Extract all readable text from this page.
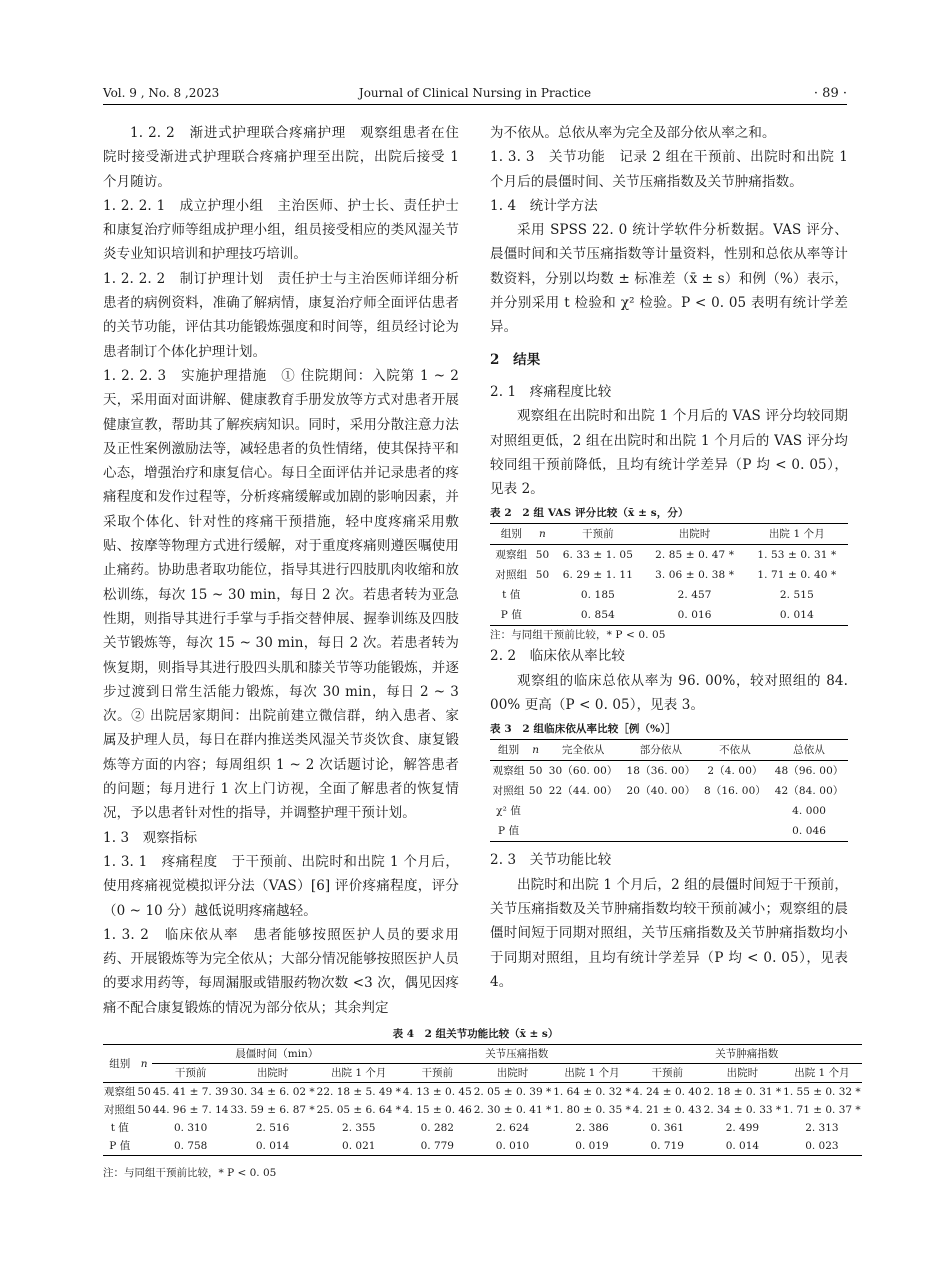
Vol. 9 , No. 8 ,2023	Journal of Clinical Nursing in Practice	· 89 ·

1. 2. 2　渐进式护理联合疼痛护理　观察组患者在住院时接受渐进式护理联合疼痛护理至出院，出院后接受 1 个月随访。

1. 2. 2. 1　成立护理小组　主治医师、护士长、责任护士和康复治疗师等组成护理小组，组员接受相应的类风湿关节炎专业知识培训和护理技巧培训。

1. 2. 2. 2　制订护理计划　责任护士与主治医师详细分析患者的病例资料，准确了解病情，康复治疗师全面评估患者的关节功能，评估其功能锻炼强度和时间等，组员经讨论为患者制订个体化护理计划。

1. 2. 2. 3　实施护理措施　① 住院期间：入院第 1 ~ 2 天，采用面对面讲解、健康教育手册发放等方式对患者开展健康宣教，帮助其了解疾病知识。同时，采用分散注意力法及正性案例激励法等，减轻患者的负性情绪，使其保持平和心态，增强治疗和康复信心。每日全面评估并记录患者的疼痛程度和发作过程等，分析疼痛缓解或加剧的影响因素，并采取个体化、针对性的疼痛干预措施，轻中度疼痛采用敷贴、按摩等物理方式进行缓解，对于重度疼痛则遵医嘱使用止痛药。协助患者取功能位，指导其进行四肢肌肉收缩和放松训练，每次 15 ~ 30 min，每日 2 次。若患者转为亚急性期，则指导其进行手掌与手指交替伸展、握拳训练及四肢关节锻炼等，每次 15 ~ 30 min，每日 2 次。若患者转为恢复期，则指导其进行股四头肌和膝关节等功能锻炼，并逐步过渡到日常生活能力锻炼，每次 30 min，每日 2 ~ 3 次。② 出院居家期间：出院前建立微信群，纳入患者、家属及护理人员，每日在群内推送类风湿关节炎饮食、康复锻炼等方面的内容；每周组织 1 ~ 2 次话题讨论，解答患者的问题；每月进行 1 次上门访视，全面了解患者的恢复情况，予以患者针对性的指导，并调整护理干预计划。

1. 3　观察指标

1. 3. 1　疼痛程度　于干预前、出院时和出院 1 个月后，使用疼痛视觉模拟评分法（VAS）[6] 评价疼痛程度，评分（0 ~ 10 分）越低说明疼痛越轻。

1. 3. 2　临床依从率　患者能够按照医护人员的要求用药、开展锻炼等为完全依从；大部分情况能够按照医护人员的要求用药等，每周漏服或错服药物次数 <3 次，偶见因疼痛不配合康复锻炼的情况为部分依从；其余判定

为不依从。总依从率为完全及部分依从率之和。

1. 3. 3　关节功能　记录 2 组在干预前、出院时和出院 1 个月后的晨僵时间、关节压痛指数及关节肿痛指数。

1. 4　统计学方法

采用 SPSS 22. 0 统计学软件分析数据。VAS 评分、晨僵时间和关节压痛指数等计量资料，性别和总依从率等计数资料，分别以均数 ± 标准差（x̄ ± s）和例（%）表示，并分别采用 t 检验和 χ² 检验。P < 0. 05 表明有统计学差异。

2　结果

2. 1　疼痛程度比较

观察组在出院时和出院 1 个月后的 VAS 评分均较同期对照组更低，2 组在出院时和出院 1 个月后的 VAS 评分均较同组干预前降低，且均有统计学差异（P 均 < 0. 05），见表 2。

表 2　2 组 VAS 评分比较（x̄ ± s，分）

组别	n	干预前	出院时	出院 1 个月
观察组	50	6. 33 ± 1. 05	2. 85 ± 0. 47 *	1. 53 ± 0. 31 *
对照组	50	6. 29 ± 1. 11	3. 06 ± 0. 38 *	1. 71 ± 0. 40 *
t 值		0. 185	2. 457	2. 515
P 值		0. 854	0. 016	0. 014

注：与同组干预前比较，* P < 0. 05

2. 2　临床依从率比较

观察组的临床总依从率为 96. 00%，较对照组的 84. 00% 更高（P < 0. 05），见表 3。

表 3　2 组临床依从率比较［例（%）］

组别	n	完全依从	部分依从	不依从	总依从
观察组	50	30（60. 00）	18（36. 00）	2（4. 00）	48（96. 00）
对照组	50	22（44. 00）	20（40. 00）	8（16. 00）	42（84. 00）
χ² 值					4. 000
P 值					0. 046

2. 3　关节功能比较

出院时和出院 1 个月后，2 组的晨僵时间短于干预前，关节压痛指数及关节肿痛指数均较干预前减小；观察组的晨僵时间短于同期对照组，关节压痛指数及关节肿痛指数均小于同期对照组，且均有统计学差异（P 均 < 0. 05），见表 4。

表 4　2 组关节功能比较（x̄ ± s）

组别	n	晨僵时间（min）			关节压痛指数			关节肿痛指数		
		干预前	出院时	出院 1 个月	干预前	出院时	出院 1 个月	干预前	出院时	出院 1 个月
观察组	50	45. 41 ± 7. 39	30. 34 ± 6. 02 *	22. 18 ± 5. 49 *	4. 13 ± 0. 45	2. 05 ± 0. 39 *	1. 64 ± 0. 32 *	4. 24 ± 0. 40	2. 18 ± 0. 31 *	1. 55 ± 0. 32 *
对照组	50	44. 96 ± 7. 14	33. 59 ± 6. 87 *	25. 05 ± 6. 64 *	4. 15 ± 0. 46	2. 30 ± 0. 41 *	1. 80 ± 0. 35 *	4. 21 ± 0. 43	2. 34 ± 0. 33 *	1. 71 ± 0. 37 *
t 值		0. 310	2. 516	2. 355	0. 282	2. 624	2. 386	0. 361	2. 499	2. 313
P 值		0. 758	0. 014	0. 021	0. 779	0. 010	0. 019	0. 719	0. 014	0. 023

注：与同组干预前比较，* P < 0. 05
